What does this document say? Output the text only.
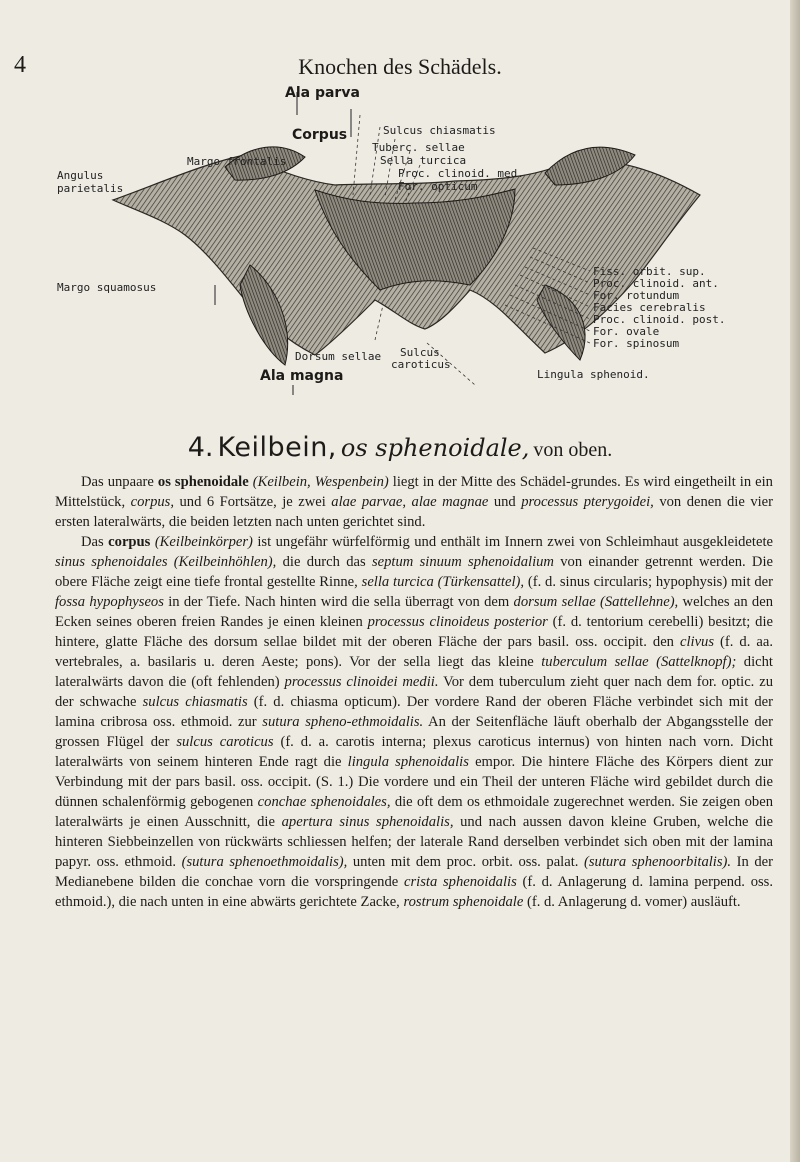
4	Knochen des Schädels.
Ala parva
Corpus
Ala magna
Sulcus chiasmatis
Tuberc. sellae
Sella turcica
Proc. clinoid. med.
For. opticum
Margo frontalis
Angulus
parietalis
Margo squamosus
Fiss. orbit. sup.
Proc. clinoid. ant.
For. rotundum
Facies cerebralis
Proc. clinoid. post.
For. ovale
For. spinosum
Dorsum sellae Sulcus
caroticus
Lingula sphenoid.
4. Keilbein, os sphenoidale, von oben.

Das unpaare os sphenoidale (Keilbein, Wespenbein) liegt in der Mitte des Schädel-grundes. Es wird eingetheilt in ein Mittelstück, corpus, und 6 Fortsätze, je zwei alae parvae, alae magnae und processus pterygoidei, von denen die vier ersten lateralwärts, die beiden letzten nach unten gerichtet sind.

Das corpus (Keilbeinkörper) ist ungefähr würfelförmig und enthält im Innern zwei von Schleimhaut ausgekleidetete sinus sphenoidales (Keilbeinhöhlen), die durch das septum sinuum sphenoidalium von einander getrennt werden. Die obere Fläche zeigt eine tiefe frontal gestellte Rinne, sella turcica (Türkensattel), (f. d. sinus circularis; hypophysis) mit der fossa hypophyseos in der Tiefe. Nach hinten wird die sella überragt von dem dorsum sellae (Sattellehne), welches an den Ecken seines oberen freien Randes je einen kleinen processus clinoideus posterior (f. d. tentorium cerebelli) besitzt; die hintere, glatte Fläche des dorsum sellae bildet mit der oberen Fläche der pars basil. oss. occipit. den clivus (f. d. aa. vertebrales, a. basilaris u. deren Aeste; pons). Vor der sella liegt das kleine tuberculum sellae (Sattelknopf); dicht lateralwärts davon die (oft fehlenden) processus clinoidei medii. Vor dem tuberculum zieht quer nach dem for. optic. zu der schwache sulcus chiasmatis (f. d. chiasma opticum). Der vordere Rand der oberen Fläche verbindet sich mit der lamina cribrosa oss. ethmoid. zur sutura spheno-ethmoidalis. An der Seitenfläche läuft oberhalb der Abgangsstelle der grossen Flügel der sulcus caroticus (f. d. a. carotis interna; plexus caroticus internus) von hinten nach vorn. Dicht lateralwärts von seinem hinteren Ende ragt die lingula sphenoidalis empor. Die hintere Fläche des Körpers dient zur Verbindung mit der pars basil. oss. occipit. (S. 1.) Die vordere und ein Theil der unteren Fläche wird gebildet durch die dünnen schalenförmig gebogenen conchae sphenoidales, die oft dem os ethmoidale zugerechnet werden. Sie zeigen oben lateralwärts je einen Ausschnitt, die apertura sinus sphenoidalis, und nach aussen davon kleine Gruben, welche die hinteren Siebbeinzellen von rückwärts schliessen helfen; der laterale Rand derselben verbindet sich oben mit der lamina papyr. oss. ethmoid. (sutura sphenoethmoidalis), unten mit dem proc. orbit. oss. palat. (sutura sphenoorbitalis). In der Medianebene bilden die conchae vorn die vorspringende crista sphenoidalis (f. d. Anlagerung d. lamina perpend. oss. ethmoid.), die nach unten in eine abwärts gerichtete Zacke, rostrum sphenoidale (f. d. Anlagerung d. vomer) ausläuft.
